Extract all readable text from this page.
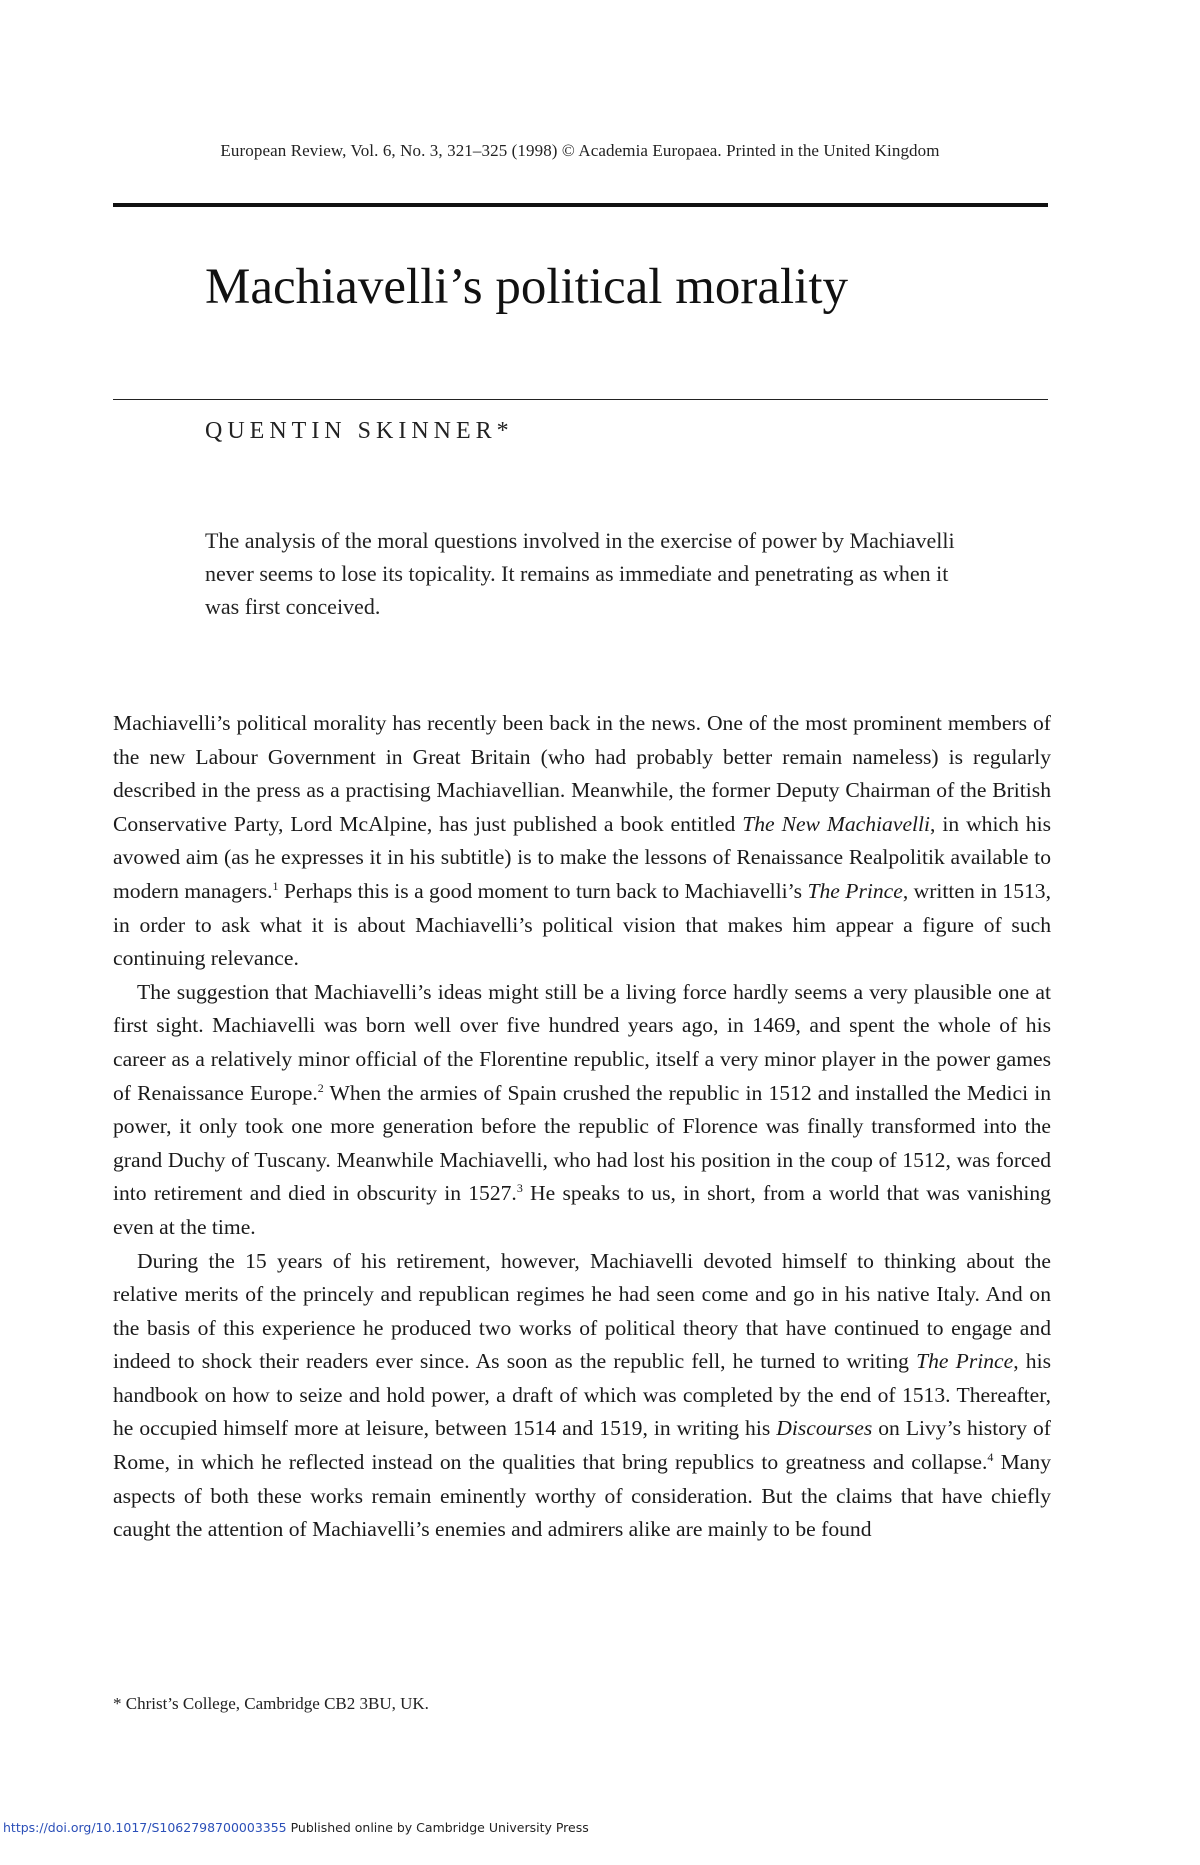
European Review, Vol. 6, No. 3, 321–325 (1998) © Academia Europaea. Printed in the United Kingdom
Machiavelli’s political morality
QUENTIN SKINNER*

The analysis of the moral questions involved in the exercise of power by Machiavelli never seems to lose its topicality. It remains as immediate and penetrating as when it was first conceived.

Machiavelli’s political morality has recently been back in the news. One of the most prominent members of the new Labour Government in Great Britain (who had probably better remain nameless) is regularly described in the press as a practising Machiavellian. Meanwhile, the former Deputy Chairman of the British Conservative Party, Lord McAlpine, has just published a book entitled The New Machiavelli, in which his avowed aim (as he expresses it in his subtitle) is to make the lessons of Renaissance Realpolitik available to modern managers.$^1$ Perhaps this is a good moment to turn back to Machiavelli’s The Prince, written in 1513, in order to ask what it is about Machiavelli’s political vision that makes him appear a figure of such continuing relevance.

The suggestion that Machiavelli’s ideas might still be a living force hardly seems a very plausible one at first sight. Machiavelli was born well over five hundred years ago, in 1469, and spent the whole of his career as a relatively minor official of the Florentine republic, itself a very minor player in the power games of Renaissance Europe.$^2$ When the armies of Spain crushed the republic in 1512 and installed the Medici in power, it only took one more generation before the republic of Florence was finally transformed into the grand Duchy of Tuscany. Meanwhile Machiavelli, who had lost his position in the coup of 1512, was forced into retirement and died in obscurity in 1527.$^3$ He speaks to us, in short, from a world that was vanishing even at the time.

During the 15 years of his retirement, however, Machiavelli devoted himself to thinking about the relative merits of the princely and republican regimes he had seen come and go in his native Italy. And on the basis of this experience he produced two works of political theory that have continued to engage and indeed to shock their readers ever since. As soon as the republic fell, he turned to writing The Prince, his handbook on how to seize and hold power, a draft of which was completed by the end of 1513. Thereafter, he occupied himself more at leisure, between 1514 and 1519, in writing his Discourses on Livy’s history of Rome, in which he reflected instead on the qualities that bring republics to greatness and collapse.$^4$ Many aspects of both these works remain eminently worthy of consideration. But the claims that have chiefly caught the attention of Machiavelli’s enemies and admirers alike are mainly to be found

* Christ’s College, Cambridge CB2 3BU, UK.
https://doi.org/10.1017/S1062798700003355 Published online by Cambridge University Press
